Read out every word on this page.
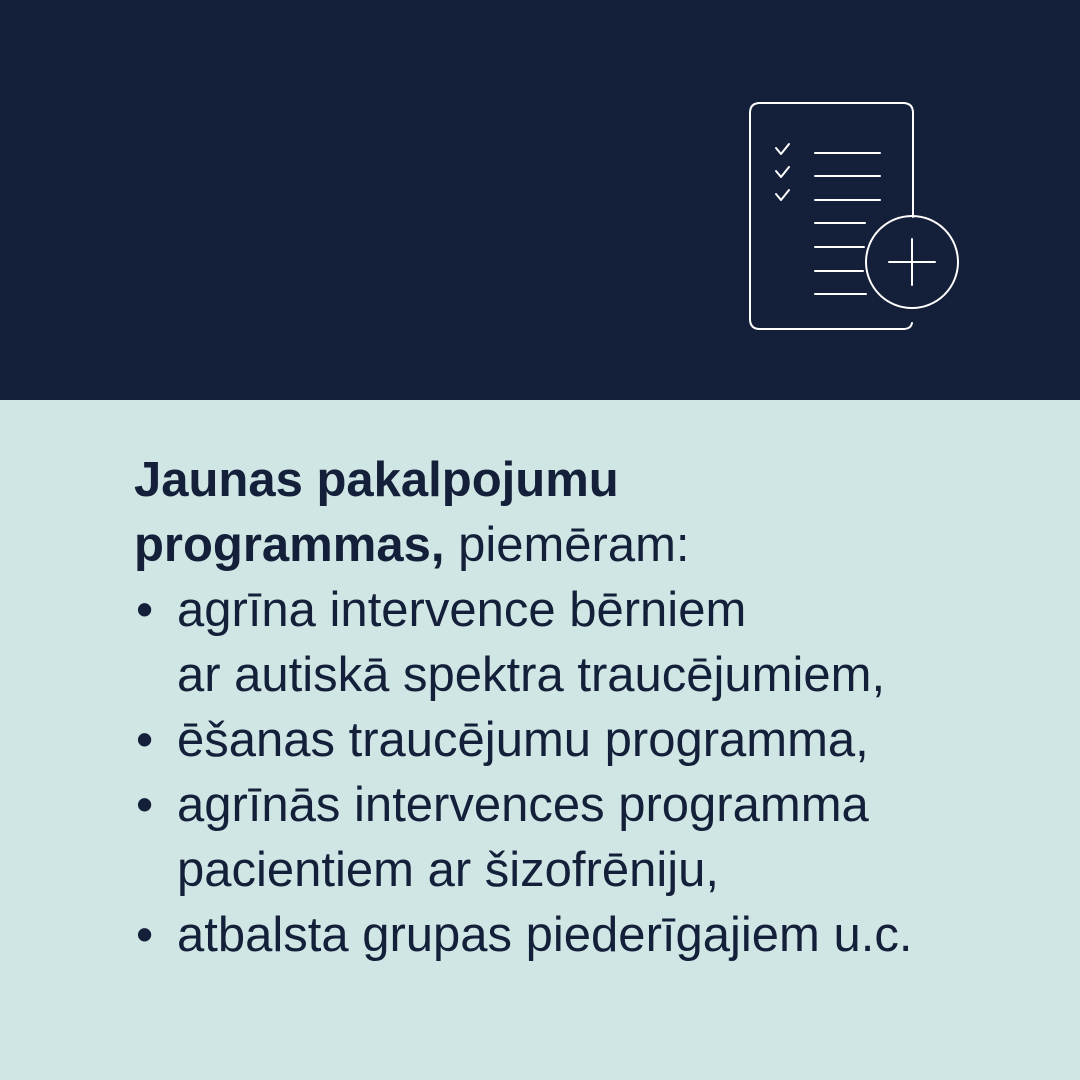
Jaunas pakalpojumu

programmas, piemēram:

• agrīna intervence bērniem
ar autiskā spektra traucējumiem,
• ēšanas traucējumu programma,
• agrīnās intervences programma
pacientiem ar šizofrēniju,
• atbalsta grupas piederīgajiem u.c.
